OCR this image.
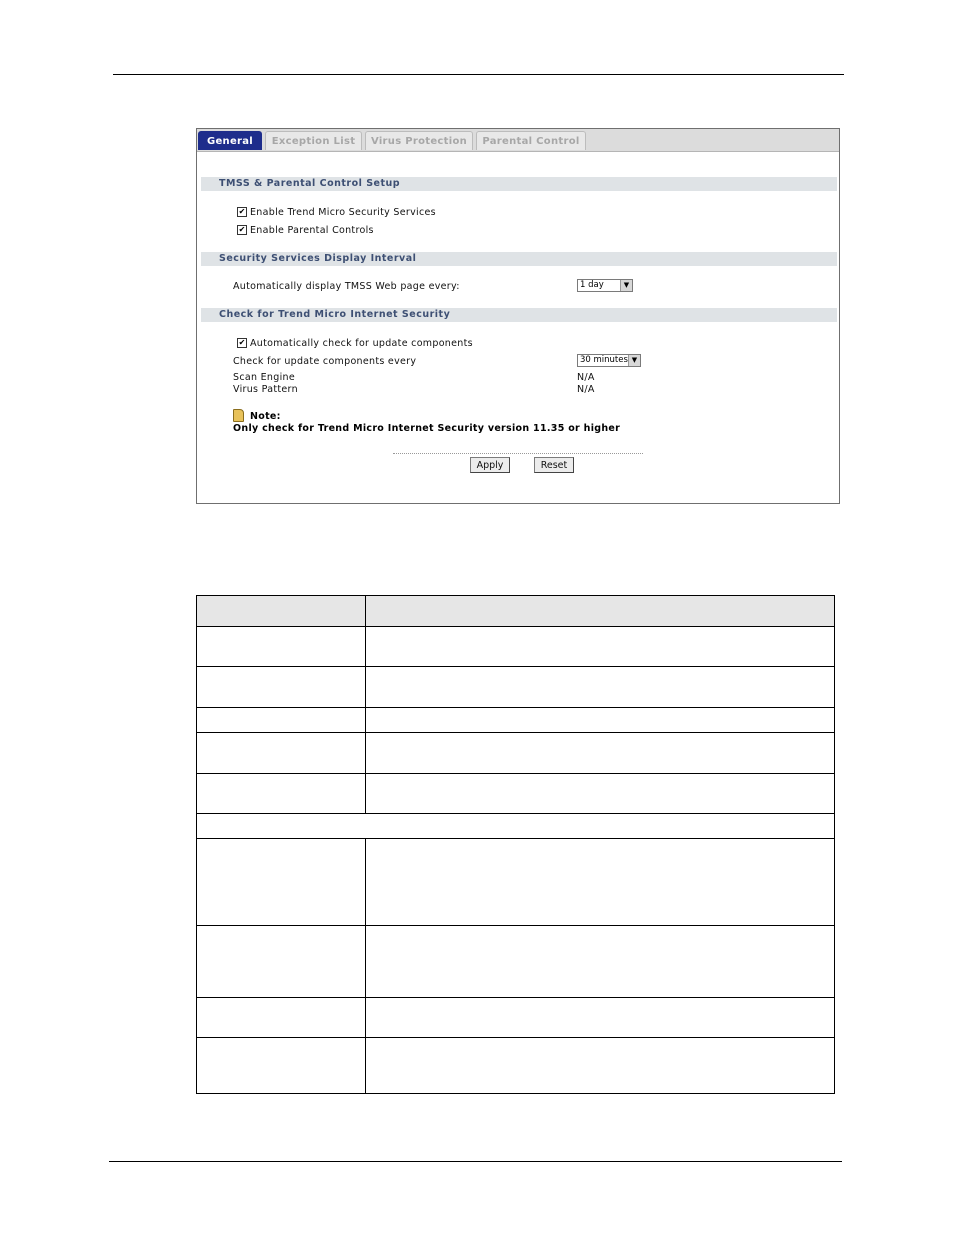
General	Exception List	Virus Protection	Parental Control
TMSS & Parental Control Setup
✔ Enable Trend Micro Security Services
✔ Enable Parental Controls
Security Services Display Interval
Automatically display TMSS Web page every:	1 day	▼
Check for Trend Micro Internet Security
✔ Automatically check for update components
Check for update components every	30 minutes ▼
Scan Engine	N/A
Virus Pattern	N/A
Note:
Only check for Trend Micro Internet Security version 11.35 or higher
Apply	Reset
